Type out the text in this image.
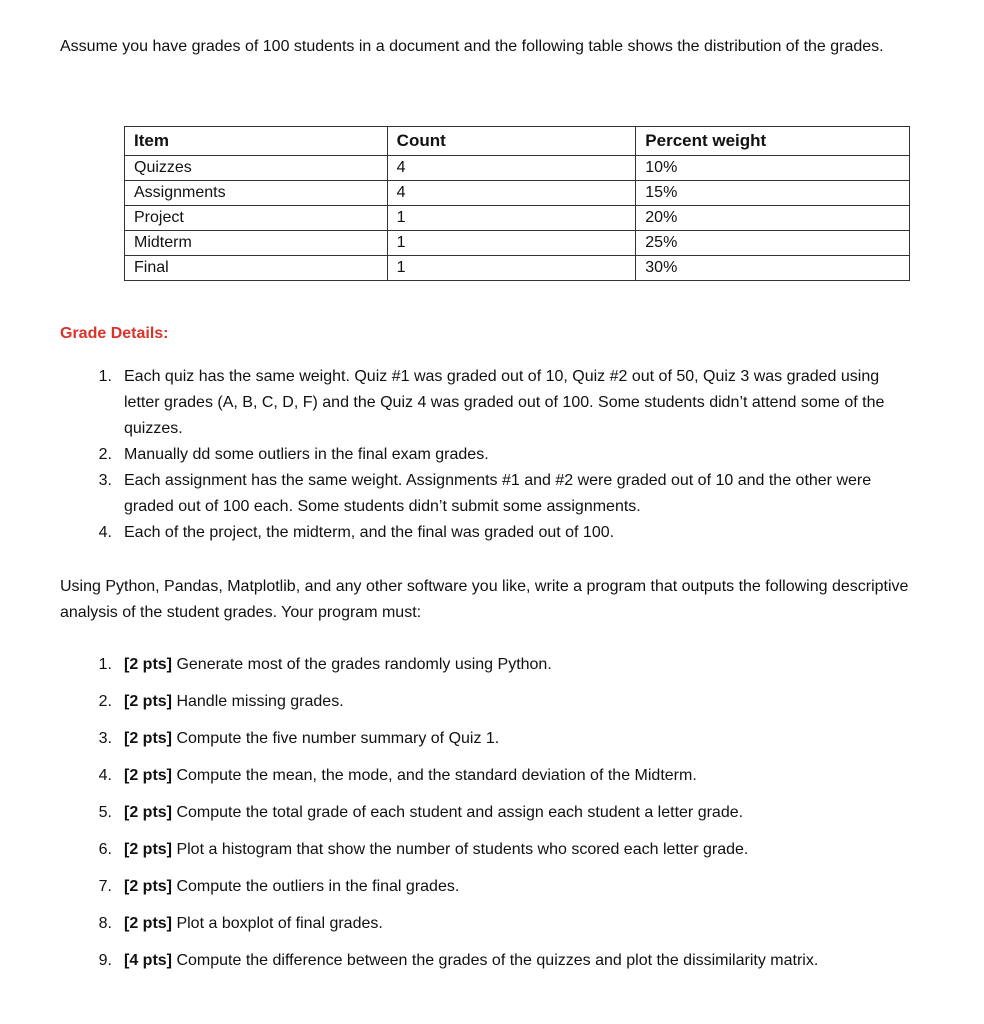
Assume you have grades of 100 students in a document and the following table shows the distribution of the grades.

Item	Count	Percent weight
Quizzes	4	10%
Assignments	4	15%
Project	1	20%
Midterm	1	25%
Final	1	30%
Grade Details:
1. Each quiz has the same weight. Quiz #1 was graded out of 10, Quiz #2 out of 50, Quiz 3 was graded using letter grades (A, B, C, D, F) and the Quiz 4 was graded out of 100. Some students didn’t attend some of the quizzes.
2. Manually dd some outliers in the final exam grades.
3. Each assignment has the same weight. Assignments #1 and #2 were graded out of 10 and the other were graded out of 100 each. Some students didn’t submit some assignments.
4. Each of the project, the midterm, and the final was graded out of 100.

Using Python, Pandas, Matplotlib, and any other software you like, write a program that outputs the following descriptive analysis of the student grades. Your program must:

1. [2 pts] Generate most of the grades randomly using Python.
2. [2 pts] Handle missing grades.
3. [2 pts] Compute the five number summary of Quiz 1.
4. [2 pts] Compute the mean, the mode, and the standard deviation of the Midterm.
5. [2 pts] Compute the total grade of each student and assign each student a letter grade.
6. [2 pts] Plot a histogram that show the number of students who scored each letter grade.
7. [2 pts] Compute the outliers in the final grades.
8. [2 pts] Plot a boxplot of final grades.
9. [4 pts] Compute the difference between the grades of the quizzes and plot the dissimilarity matrix.
